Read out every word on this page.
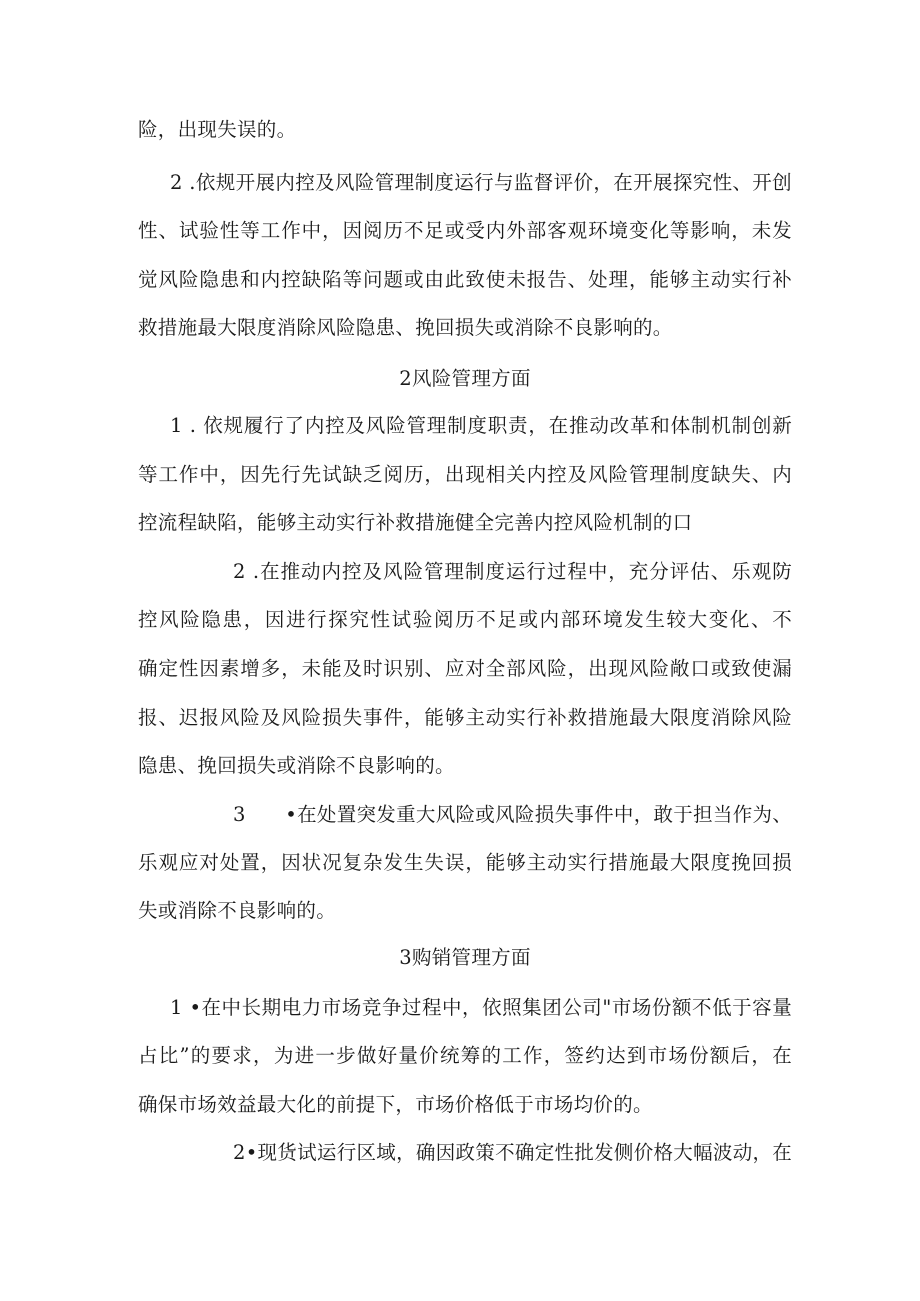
险，出现失误的。
2 .依规开展内控及风险管理制度运行与监督评价，在开展探究性、开创
性、试验性等工作中，因阅历不足或受内外部客观环境变化等影响，未发
觉风险隐患和内控缺陷等问题或由此致使未报告、处理，能够主动实行补
救措施最大限度消除风险隐患、挽回损失或消除不良影响的。
2风险管理方面
1 . 依规履行了内控及风险管理制度职责，在推动改革和体制机制创新
等工作中，因先行先试缺乏阅历，出现相关内控及风险管理制度缺失、内
控流程缺陷，能够主动实行补救措施健全完善内控风险机制的口
2 .在推动内控及风险管理制度运行过程中，充分评估、乐观防
控风险隐患，因进行探究性试验阅历不足或内部环境发生较大变化、不
确定性因素增多，未能及时识别、应对全部风险，出现风险敞口或致使漏
报、迟报风险及风险损失事件，能够主动实行补救措施最大限度消除风险
隐患、挽回损失或消除不良影响的。
3　　•在处置突发重大风险或风险损失事件中，敢于担当作为、
乐观应对处置，因状况复杂发生失误，能够主动实行措施最大限度挽回损
失或消除不良影响的。
3购销管理方面
1 •在中长期电力市场竞争过程中，依照集团公司"市场份额不低于容量
占比”的要求，为进一步做好量价统筹的工作，签约达到市场份额后，在
确保市场效益最大化的前提下，市场价格低于市场均价的。
2•现货试运行区域，确因政策不确定性批发侧价格大幅波动，在
